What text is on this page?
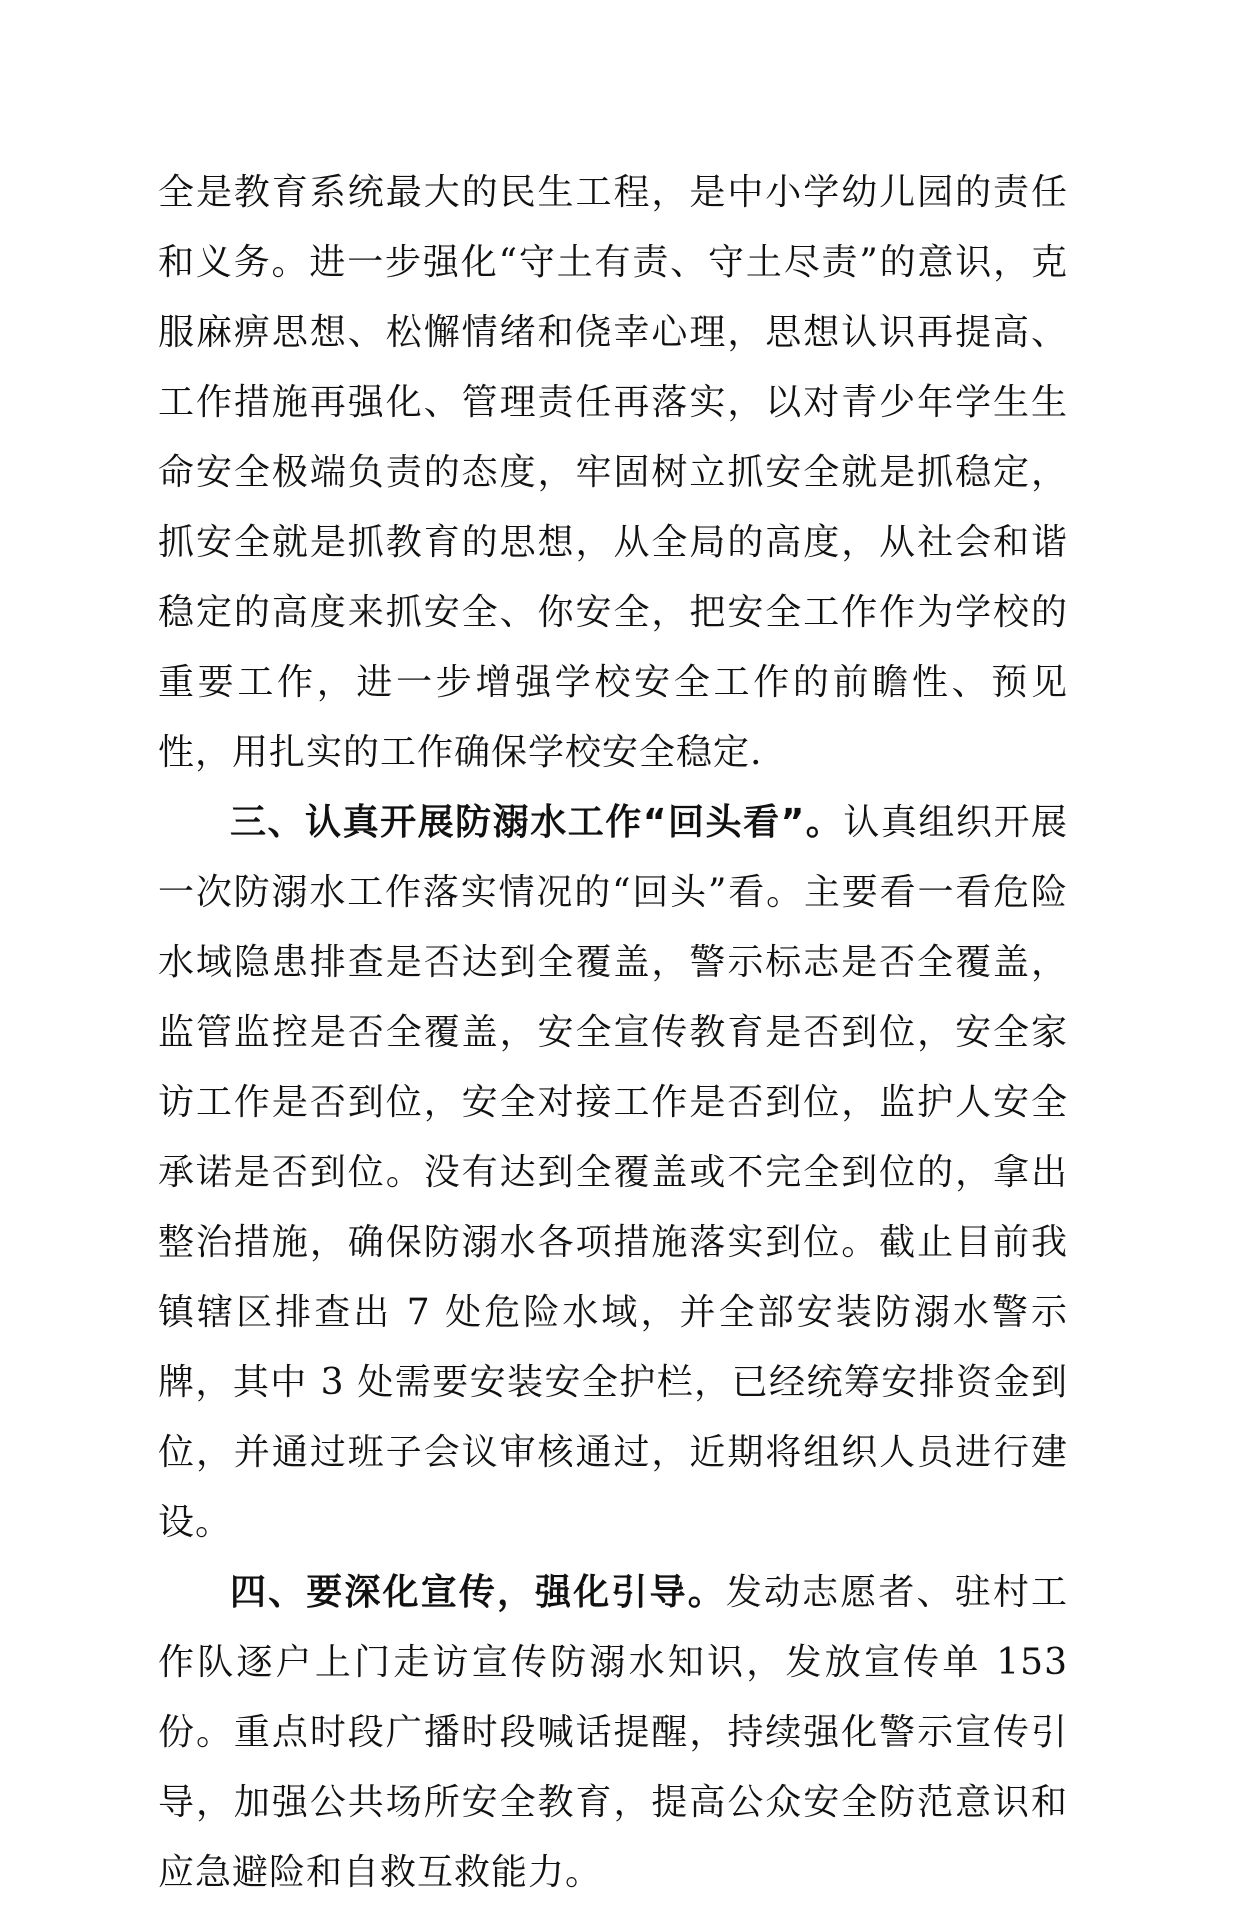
全是教育系统最大的民生工程，是中小学幼儿园的责任和义务。进一步强化“守土有责、守土尽责”的意识，克服麻痹思想、松懈情绪和侥幸心理，思想认识再提高、工作措施再强化、管理责任再落实，以对青少年学生生命安全极端负责的态度，牢固树立抓安全就是抓稳定，抓安全就是抓教育的思想，从全局的高度，从社会和谐稳定的高度来抓安全、你安全，把安全工作作为学校的重要工作，进一步增强学校安全工作的前瞻性、预见性，用扎实的工作确保学校安全稳定.

三、认真开展防溺水工作“回头看”。认真组织开展一次防溺水工作落实情况的“回头”看。主要看一看危险水域隐患排查是否达到全覆盖，警示标志是否全覆盖，监管监控是否全覆盖，安全宣传教育是否到位，安全家访工作是否到位，安全对接工作是否到位，监护人安全承诺是否到位。没有达到全覆盖或不完全到位的，拿出整治措施，确保防溺水各项措施落实到位。截止目前我镇辖区排查出 7 处危险水域，并全部安装防溺水警示牌，其中 3 处需要安装安全护栏，已经统筹安排资金到位，并通过班子会议审核通过，近期将组织人员进行建设。

四、要深化宣传，强化引导。发动志愿者、驻村工作队逐户上门走访宣传防溺水知识，发放宣传单 153 份。重点时段广播时段喊话提醒，持续强化警示宣传引导，加强公共场所安全教育，提高公众安全防范意识和应急避险和自救互救能力。
